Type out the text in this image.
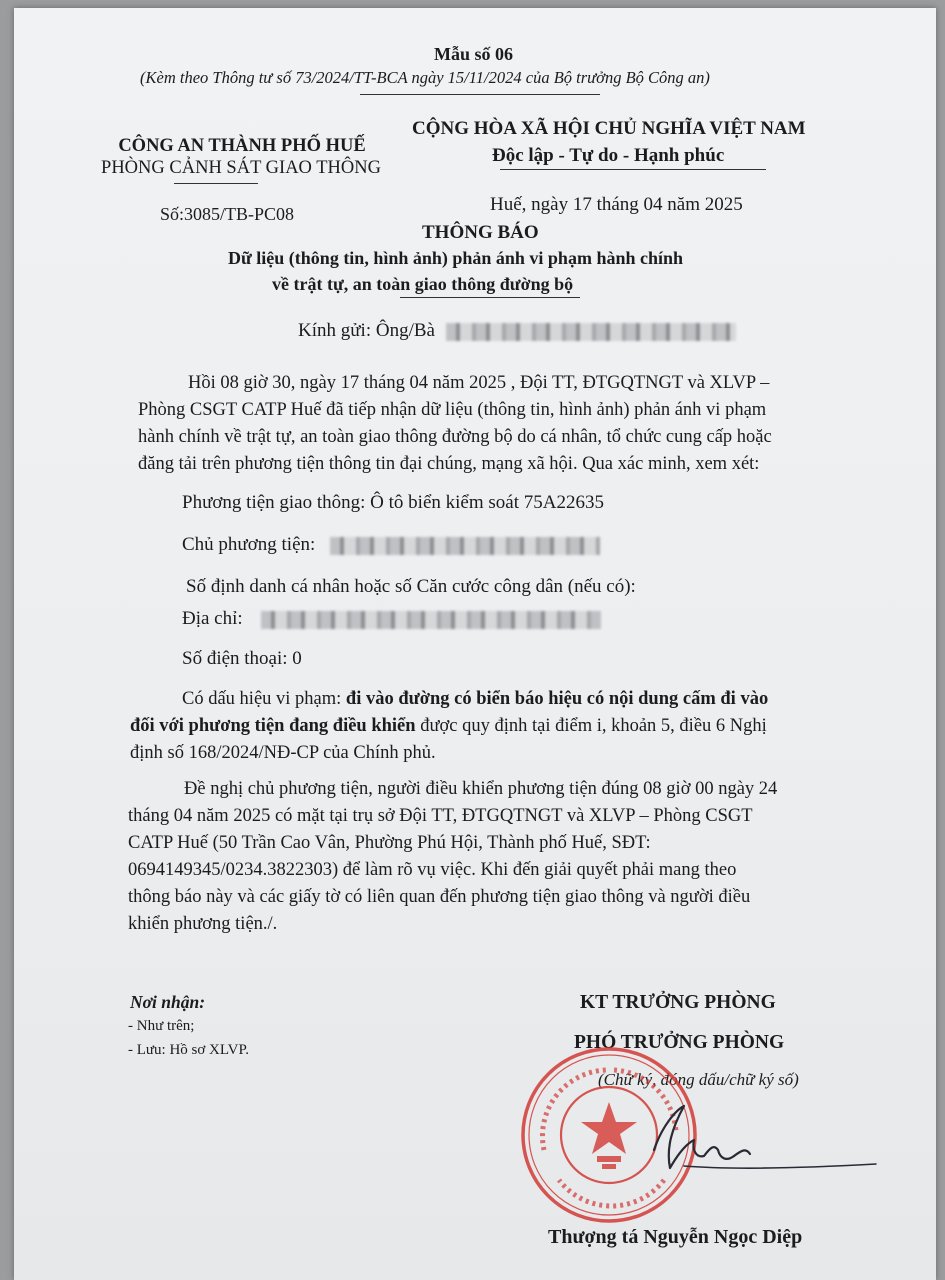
Mẫu số 06
(Kèm theo Thông tư số 73/2024/TT-BCA ngày 15/11/2024 của Bộ trưởng Bộ Công an)
CÔNG AN THÀNH PHỐ HUẾ
PHÒNG CẢNH SÁT GIAO THÔNG
Số:3085/TB-PC08
CỘNG HÒA XÃ HỘI CHỦ NGHĨA VIỆT NAM
Độc lập - Tự do - Hạnh phúc
Huế, ngày 17 tháng 04 năm 2025
THÔNG BÁO
Dữ liệu (thông tin, hình ảnh) phản ánh vi phạm hành chính
về trật tự, an toàn giao thông đường bộ
Kính gửi: Ông/Bà
Hồi 08 giờ 30, ngày 17 tháng 04 năm 2025 , Đội TT, ĐTGQTNGT và XLVP –
Phòng CSGT CATP Huế đã tiếp nhận dữ liệu (thông tin, hình ảnh) phản ánh vi phạm
hành chính về trật tự, an toàn giao thông đường bộ do cá nhân, tổ chức cung cấp hoặc
đăng tải trên phương tiện thông tin đại chúng, mạng xã hội. Qua xác minh, xem xét:
Phương tiện giao thông: Ô tô biển kiểm soát 75A22635
Chủ phương tiện:
Số định danh cá nhân hoặc số Căn cước công dân (nếu có):
Địa chỉ:
Số điện thoại: 0
Có dấu hiệu vi phạm: đi vào đường có biển báo hiệu có nội dung cấm đi vào
đối với phương tiện đang điều khiển được quy định tại điểm i, khoản 5, điều 6 Nghị
định số 168/2024/NĐ-CP của Chính phủ.
Đề nghị chủ phương tiện, người điều khiển phương tiện đúng 08 giờ 00 ngày 24
tháng 04 năm 2025 có mặt tại trụ sở Đội TT, ĐTGQTNGT và XLVP – Phòng CSGT
CATP Huế (50 Trần Cao Vân, Phường Phú Hội, Thành phố Huế, SĐT:
0694149345/0234.3822303) để làm rõ vụ việc. Khi đến giải quyết phải mang theo
thông báo này và các giấy tờ có liên quan đến phương tiện giao thông và người điều
khiển phương tiện./.
Nơi nhận:
- Như trên;
- Lưu: Hồ sơ XLVP.
KT TRƯỞNG PHÒNG
PHÓ TRƯỞNG PHÒNG
(Chữ ký, đóng dấu/chữ ký số)
Thượng tá Nguyễn Ngọc Diệp
